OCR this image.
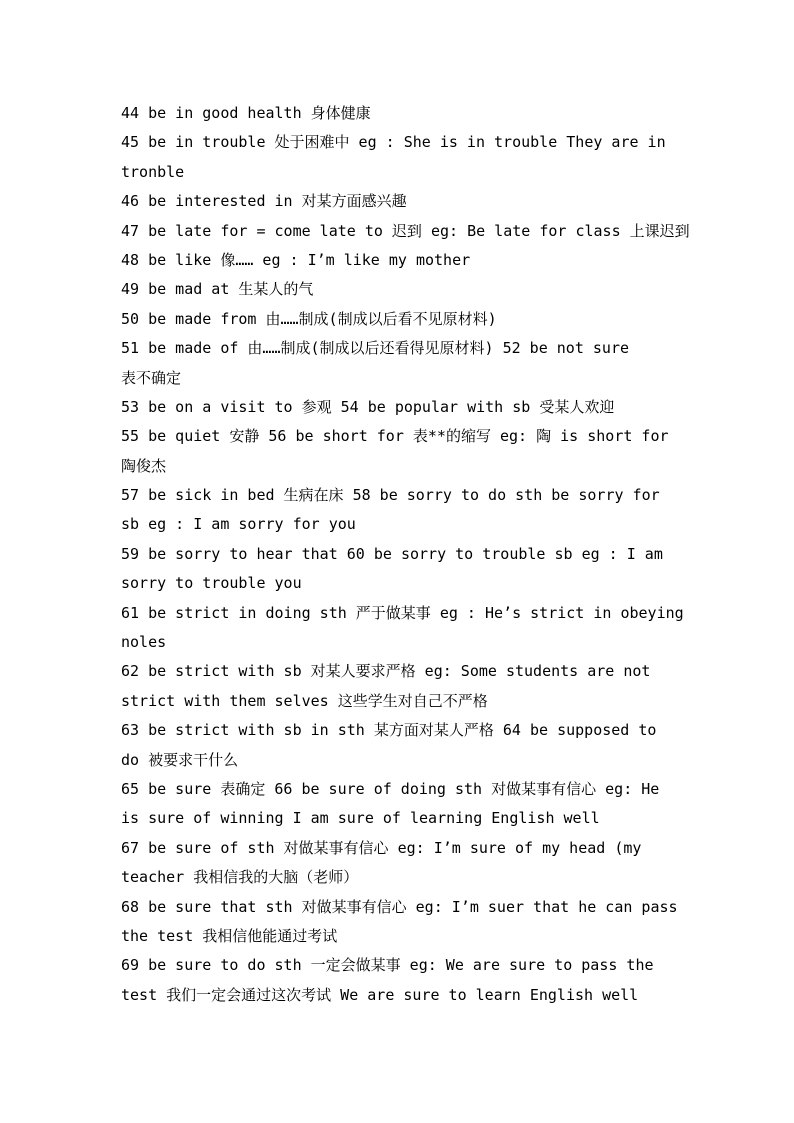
44 be in good health 身体健康
45 be in trouble 处于困难中 eg : She is in trouble They are in
tronble
46 be interested in 对某方面感兴趣
47 be late for = come late to 迟到 eg: Be late for class 上课迟到
48 be like 像…… eg : I’m like my mother
49 be mad at 生某人的气
50 be made from 由……制成(制成以后看不见原材料)
51 be made of 由……制成(制成以后还看得见原材料) 52 be not sure
表不确定
53 be on a visit to 参观 54 be popular with sb 受某人欢迎
55 be quiet 安静 56 be short for 表**的缩写 eg: 陶 is short for
陶俊杰
57 be sick in bed 生病在床 58 be sorry to do sth be sorry for
sb eg : I am sorry for you
59 be sorry to hear that 60 be sorry to trouble sb eg : I am
sorry to trouble you
61 be strict in doing sth 严于做某事 eg : He’s strict in obeying
noles
62 be strict with sb 对某人要求严格 eg: Some students are not
strict with them selves 这些学生对自己不严格
63 be strict with sb in sth 某方面对某人严格 64 be supposed to
do 被要求干什么
65 be sure 表确定 66 be sure of doing sth 对做某事有信心 eg: He
is sure of winning I am sure of learning English well
67 be sure of sth 对做某事有信心 eg: I’m sure of my head (my
teacher 我相信我的大脑（老师）
68 be sure that sth 对做某事有信心 eg: I’m suer that he can pass
the test 我相信他能通过考试
69 be sure to do sth 一定会做某事 eg: We are sure to pass the
test 我们一定会通过这次考试 We are sure to learn English well
